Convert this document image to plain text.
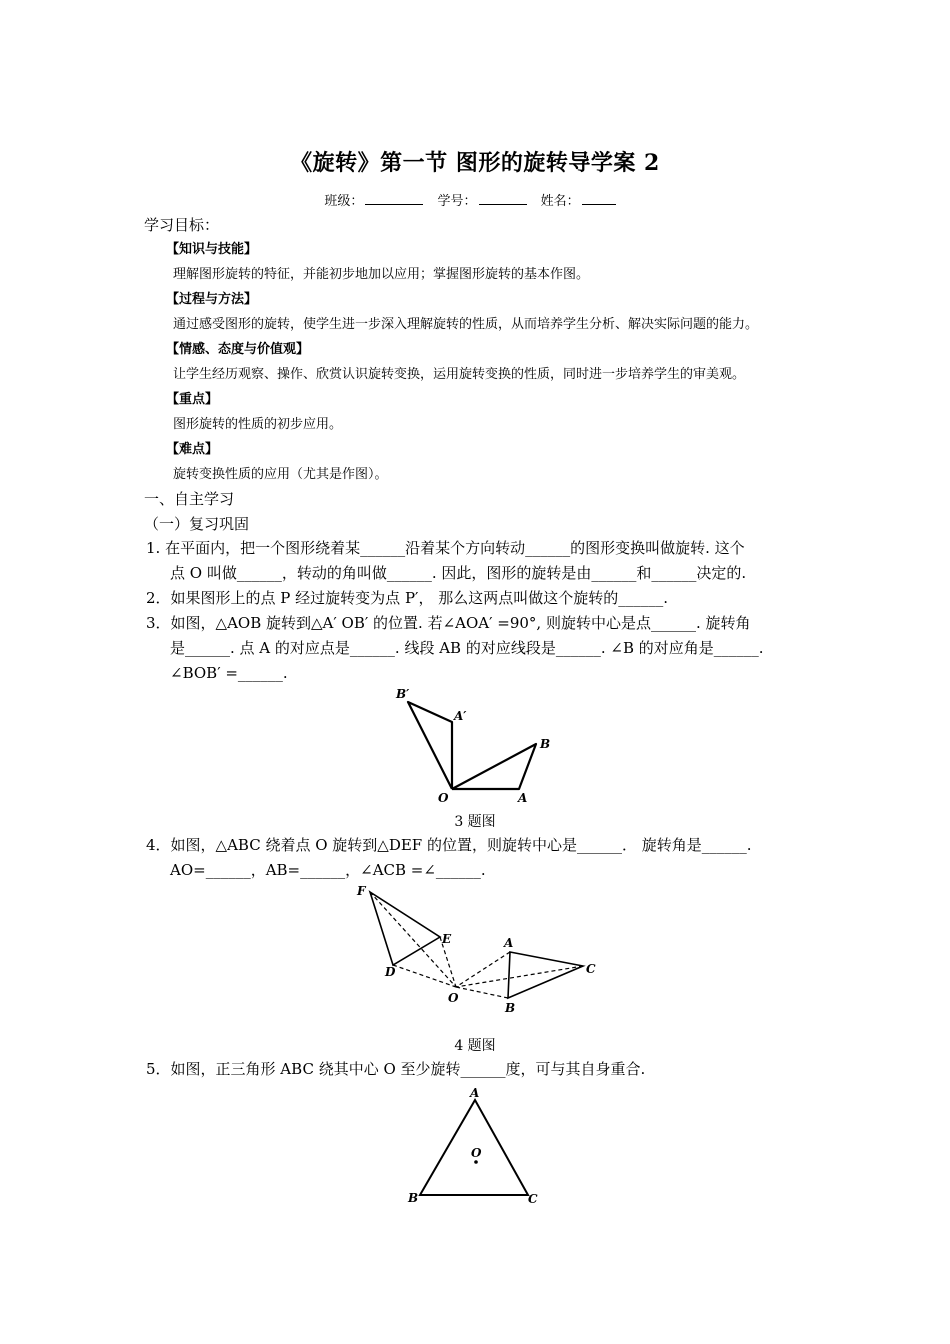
《旋转》第一节 图形的旋转导学案 2
班级：	学号：	姓名：
学习目标：
【知识与技能】
理解图形旋转的特征，并能初步地加以应用；掌握图形旋转的基本作图。
【过程与方法】
通过感受图形的旋转，使学生进一步深入理解旋转的性质，从而培养学生分析、解决实际问题的能力。
【情感、态度与价值观】
让学生经历观察、操作、欣赏认识旋转变换，运用旋转变换的性质，同时进一步培养学生的审美观。
【重点】
图形旋转的性质的初步应用。
【难点】
旋转变换性质的应用（尤其是作图）。
一、自主学习
（一）复习巩固
1. 在平面内，把一个图形绕着某______沿着某个方向转动______的图形变换叫做旋转. 这个
点 O 叫做______，转动的角叫做______. 因此，图形的旋转是由______和______决定的.
2．如果图形上的点 P 经过旋转变为点 P′， 那么这两点叫做这个旋转的______.
3．如图，△AOB 旋转到△A′ OB′ 的位置. 若∠AOA′ =90°, 则旋转中心是点______. 旋转角
是______. 点 A 的对应点是______. 线段 AB 的对应线段是______. ∠B 的对应角是______.
∠BOB′ =______.
B′
A′
B
O	A
3 题图
4．如图，△ABC 绕着点 O 旋转到△DEF 的位置，则旋转中心是______． 旋转角是______.
AO=______，AB=______，∠ACB =∠______.
F
E
D
O
A
C
B
4 题图
5．如图，正三角形 ABC 绕其中心 O 至少旋转______度，可与其自身重合.
A
O
B	C
